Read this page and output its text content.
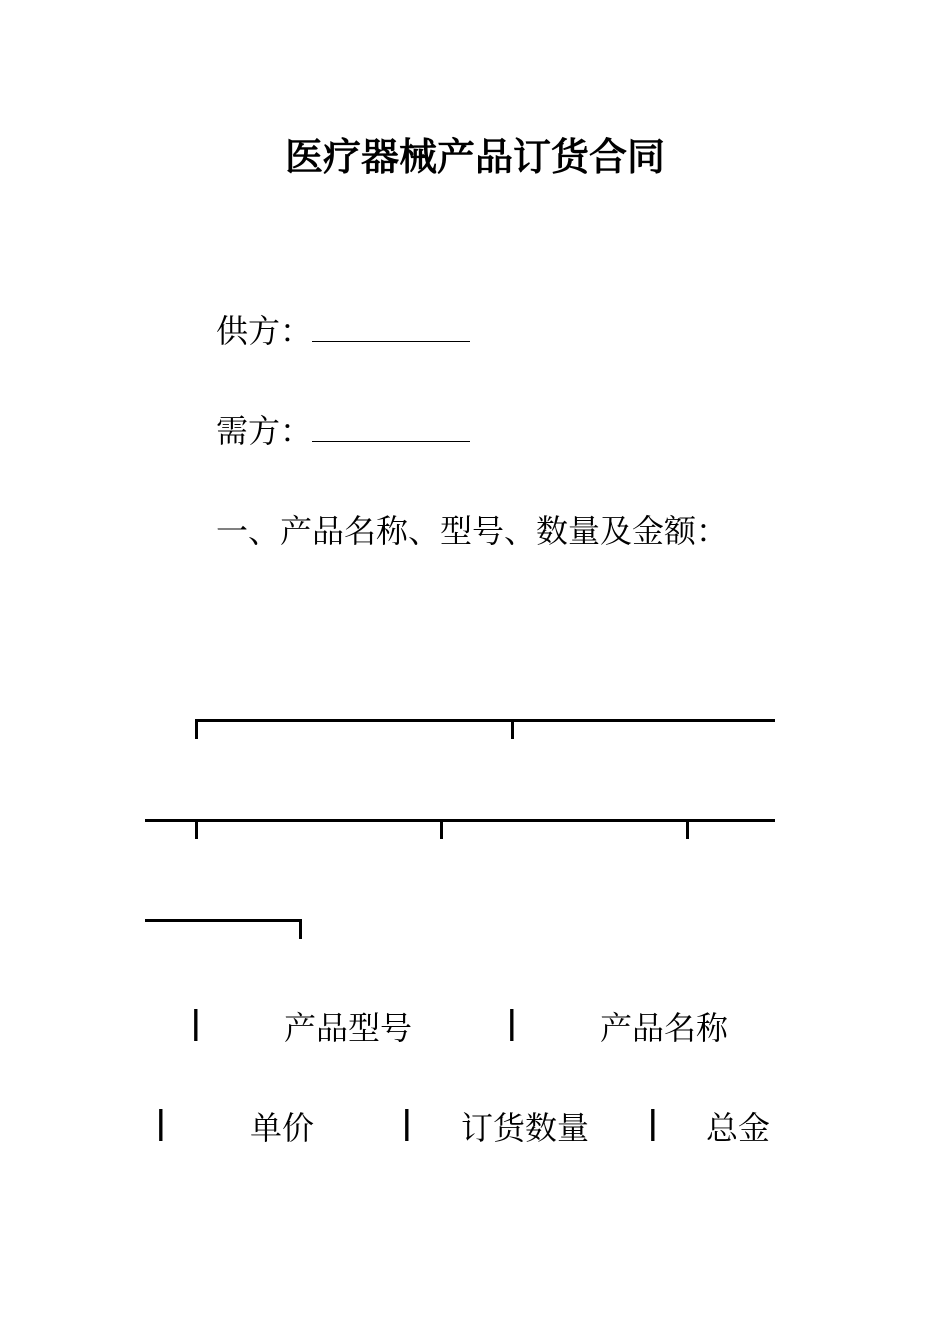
医疗器械产品订货合同
供方：
需方：
一、产品名称、型号、数量及金额：
|	产品型号	|	产品名称
|	单价	| 订货数量 | 总金
